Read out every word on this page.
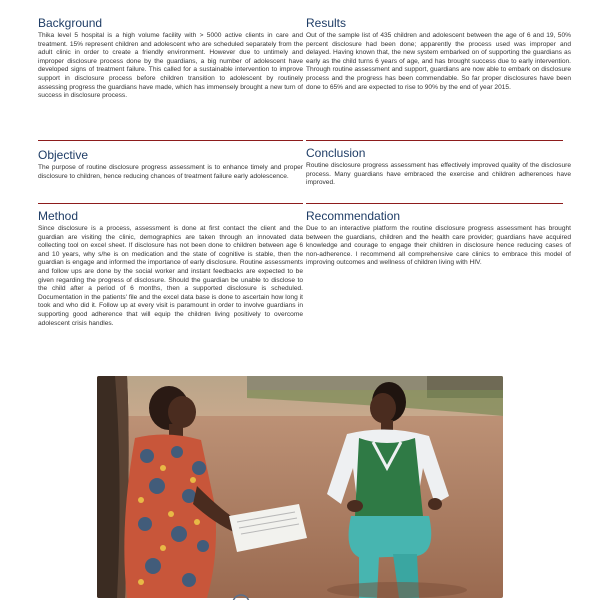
Background

Thika level 5 hospital is a high volume facility with > 5000 active clients in care and treatment. 15% represent children and adolescent who are scheduled separately from the adult clinic in order to create a friendly environment. However due to untimely and improper disclosure process done by the guardians, a big number of adolescent have developed signs of treatment failure. This called for a sustainable intervention to improve support in disclosure process before children transition to adolescent by routinely assessing progress the guardians have made, which has immensely brought a new turn of success in disclosure process.

Objective

The purpose of routine disclosure progress assessment is to enhance timely and proper disclosure to children, hence reducing chances of treatment failure early adolescence.

Method

Since disclosure is a process, assessment is done at first contact the client and the guardian are visiting the clinic, demographics are taken through an innovated data collecting tool on excel sheet. If disclosure has not been done to children between age 6 and 10 years, why s/he is on medication and the state of cognitive is stable, then the guardian is engage and informed the importance of early disclosure. Routine assessments and follow ups are done by the social worker and instant feedbacks are expected to be given regarding the progress of disclosure. Should the guardian be unable to disclose to the child after a period of 6 months, then a supported disclosure is scheduled. Documentation in the patients' file and the excel data base is done to ascertain how long it took and who did it. Follow up at every visit is paramount in order to involve guardians in supporting good adherence that will equip the children living positively to overcome adolescent crisis handles.

Results

Out of the sample list of 435 children and adolescent between the age of 6 and 19, 50% percent disclosure had been done; apparently the process used was improper and delayed. Having known that, the new system embarked on of supporting the guardians as early as the child turns 6 years of age, and has brought success due to early intervention. Through routine assessment and support, guardians are now able to embark on disclosure process and the progress has been commendable. So far proper disclosures have been done to 65% and are expected to rise to 90% by the end of year 2015.

Conclusion

Routine disclosure progress assessment has effectively improved quality of the disclosure process. Many guardians have embraced the exercise and children adherences have improved.

Recommendation

Due to an interactive platform the routine disclosure progress assessment has brought between the guardians, children and the health care provider; guardians have acquired knowledge and courage to engage their children in disclosure hence reducing cases of non-adherence. I recommend all comprehensive care clinics to embrace this model of improving outcomes and wellness of children living with HIV.
